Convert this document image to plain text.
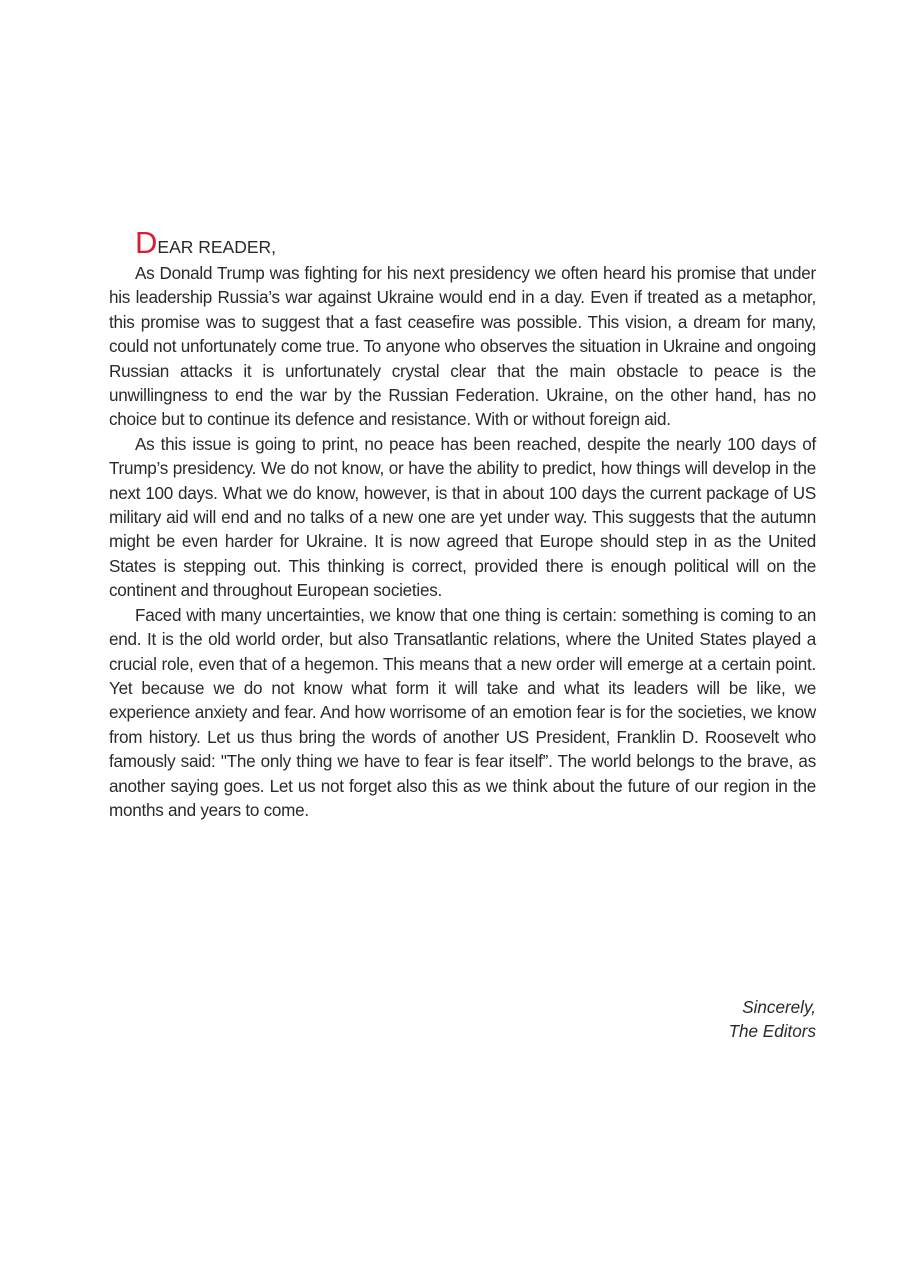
DEAR READER,

As Donald Trump was fighting for his next presidency we often heard his promise that under his leadership Russia’s war against Ukraine would end in a day. Even if treated as a metaphor, this promise was to suggest that a fast ceasefire was possible. This vision, a dream for many, could not unfortunately come true. To anyone who observes the situation in Ukraine and ongoing Russian attacks it is unfortunately crystal clear that the main obstacle to peace is the unwillingness to end the war by the Russian Federation. Ukraine, on the other hand, has no choice but to continue its defence and resistance. With or without foreign aid.

As this issue is going to print, no peace has been reached, despite the nearly 100 days of Trump’s presidency. We do not know, or have the ability to predict, how things will develop in the next 100 days. What we do know, however, is that in about 100 days the current package of US military aid will end and no talks of a new one are yet under way. This suggests that the autumn might be even harder for Ukraine. It is now agreed that Europe should step in as the United States is stepping out. This thinking is correct, provided there is enough political will on the continent and throughout European societies.

Faced with many uncertainties, we know that one thing is certain: something is coming to an end. It is the old world order, but also Transatlantic relations, where the United States played a crucial role, even that of a hegemon. This means that a new order will emerge at a certain point. Yet because we do not know what form it will take and what its leaders will be like, we experience anxiety and fear. And how worrisome of an emotion fear is for the societies, we know from history. Let us thus bring the words of another US President, Franklin D. Roosevelt who famously said: "The only thing we have to fear is fear itself”. The world belongs to the brave, as another saying goes. Let us not forget also this as we think about the future of our region in the months and years to come.

Sincerely,
The Editors
